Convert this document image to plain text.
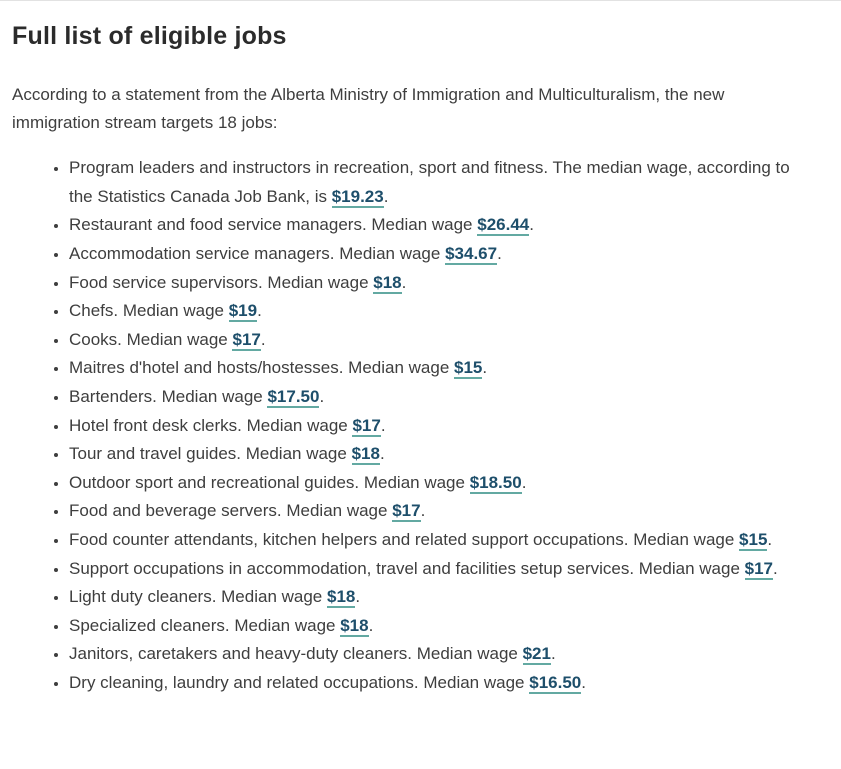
Full list of eligible jobs

According to a statement from the Alberta Ministry of Immigration and Multiculturalism, the new immigration stream targets 18 jobs:

• Program leaders and instructors in recreation, sport and fitness. The median wage, according to the Statistics Canada Job Bank, is $19.23.
• Restaurant and food service managers. Median wage $26.44.
• Accommodation service managers. Median wage $34.67.
• Food service supervisors. Median wage $18.
• Chefs. Median wage $19.
• Cooks. Median wage $17.
• Maitres d'hotel and hosts/hostesses. Median wage $15.
• Bartenders. Median wage $17.50.
• Hotel front desk clerks. Median wage $17.
• Tour and travel guides. Median wage $18.
• Outdoor sport and recreational guides. Median wage $18.50.
• Food and beverage servers. Median wage $17.
• Food counter attendants, kitchen helpers and related support occupations. Median wage $15.
• Support occupations in accommodation, travel and facilities setup services. Median wage $17.
• Light duty cleaners. Median wage $18.
• Specialized cleaners. Median wage $18.
• Janitors, caretakers and heavy-duty cleaners. Median wage $21.
• Dry cleaning, laundry and related occupations. Median wage $16.50.
